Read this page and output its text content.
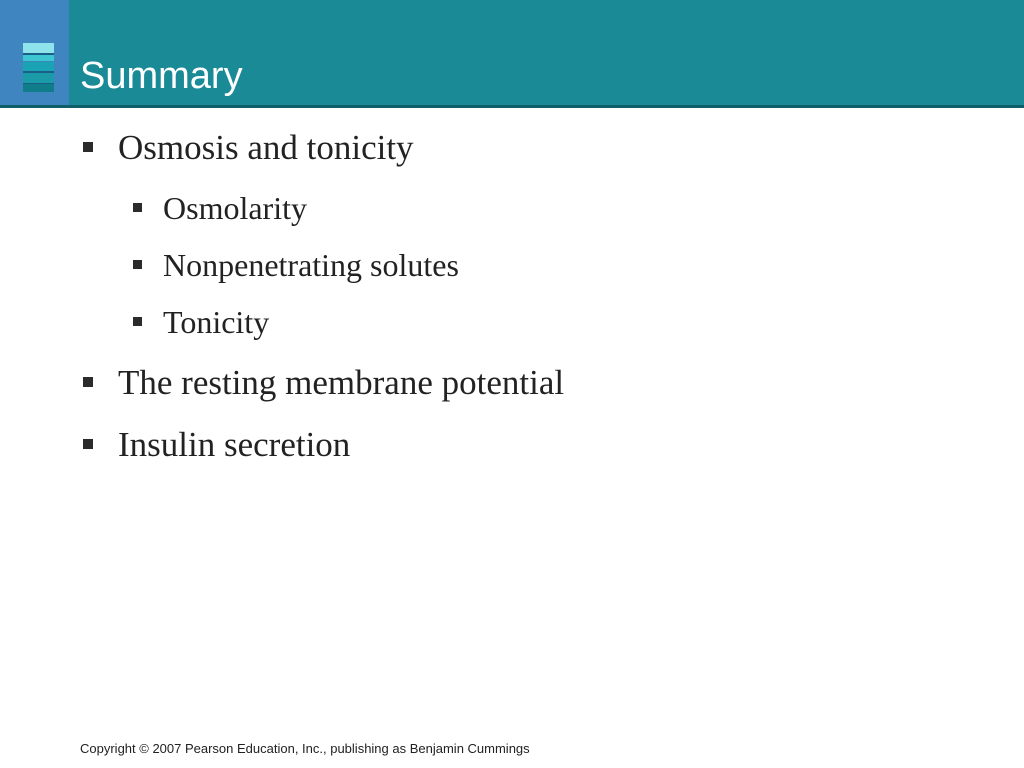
Summary
Osmosis and tonicity
Osmolarity
Nonpenetrating solutes
Tonicity
The resting membrane potential
Insulin secretion
Copyright © 2007 Pearson Education, Inc., publishing as Benjamin Cummings
